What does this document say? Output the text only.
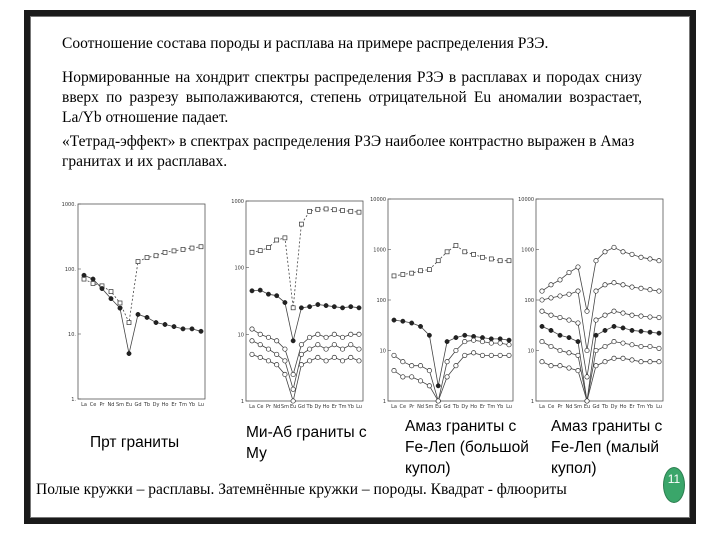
Соотношение состава породы и расплава на примере распределения РЗЭ.
Нормированные на хондрит спектры распределения РЗЭ в расплавах и породах снизу вверх по разрезу выполаживаются, степень отрицательной Eu аномалии возрастает, La/Yb отношение падает.
«Тетрад-эффект» в спектрах распределения РЗЭ наиболее контрастно выражен в Амаз гранитах и их расплавах.
1000.
100.
10.
1.
La Ce Pr Nd Sm Eu Gd Tb Dy Ho Er Tm Yb Lu
1000
100
10
1
La Ce Pr Nd Sm Eu Gd Tb Dy Ho Er Tm Yb Lu
10000
1000
100
10
1
La Ce Pr Nd Sm Eu Gd Tb Dy Ho Er Tm Yb Lu
10000
1000
100
10
1
La Ce Pr Nd Sm Eu Gd Tb Dy Ho Er Tm Yb Lu
Прт граниты
Ми-Аб граниты с Му
Амаз граниты с Fe-Леп (большой купол)
Амаз граниты с Fe-Леп (малый купол)
Полые кружки – расплавы. Затемнённые кружки – породы. Квадрат - флюориты
11
